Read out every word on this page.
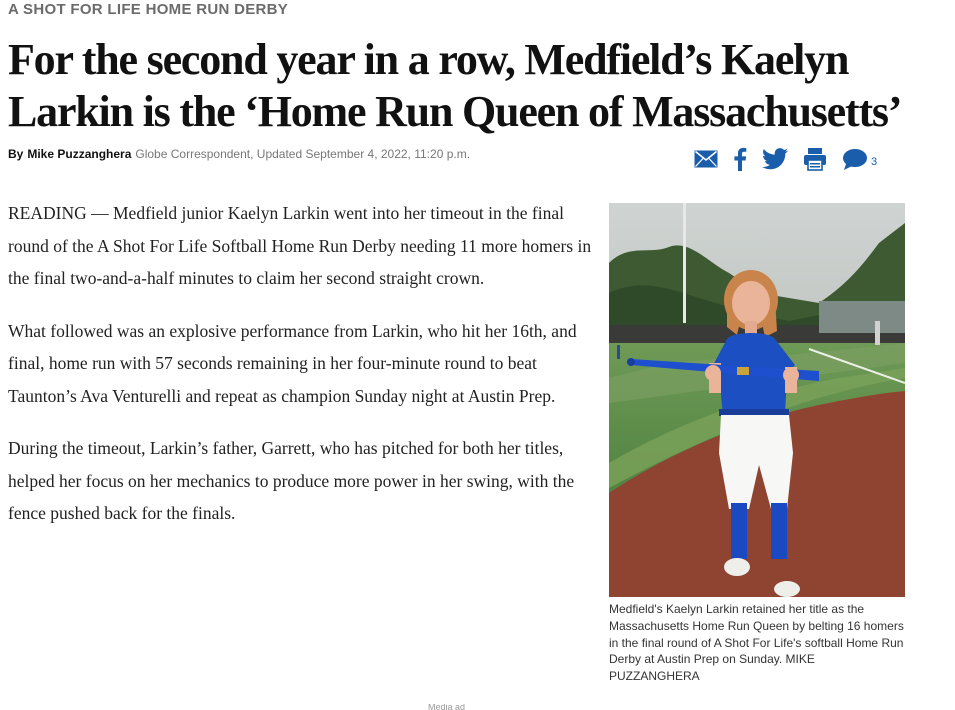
A SHOT FOR LIFE HOME RUN DERBY
For the second year in a row, Medfield’s Kaelyn Larkin is the ‘Home Run Queen of Massachusetts’
By Mike Puzzanghera Globe Correspondent, Updated September 4, 2022, 11:20 p.m.
3

READING — Medfield junior Kaelyn Larkin went into her timeout in the final round of the A Shot For Life Softball Home Run Derby needing 11 more homers in the final two-and-a-half minutes to claim her second straight crown.

What followed was an explosive performance from Larkin, who hit her 16th, and final, home run with 57 seconds remaining in her four-minute round to beat Taunton’s Ava Venturelli and repeat as champion Sunday night at Austin Prep.

During the timeout, Larkin’s father, Garrett, who has pitched for both her titles, helped her focus on her mechanics to produce more power in her swing, with the fence pushed back for the finals.

Medfield's Kaelyn Larkin retained her title as the Massachusetts Home Run Queen by belting 16 homers in the final round of A Shot For Life's softball Home Run Derby at Austin Prep on Sunday. MIKE PUZZANGHERA
Media ad
